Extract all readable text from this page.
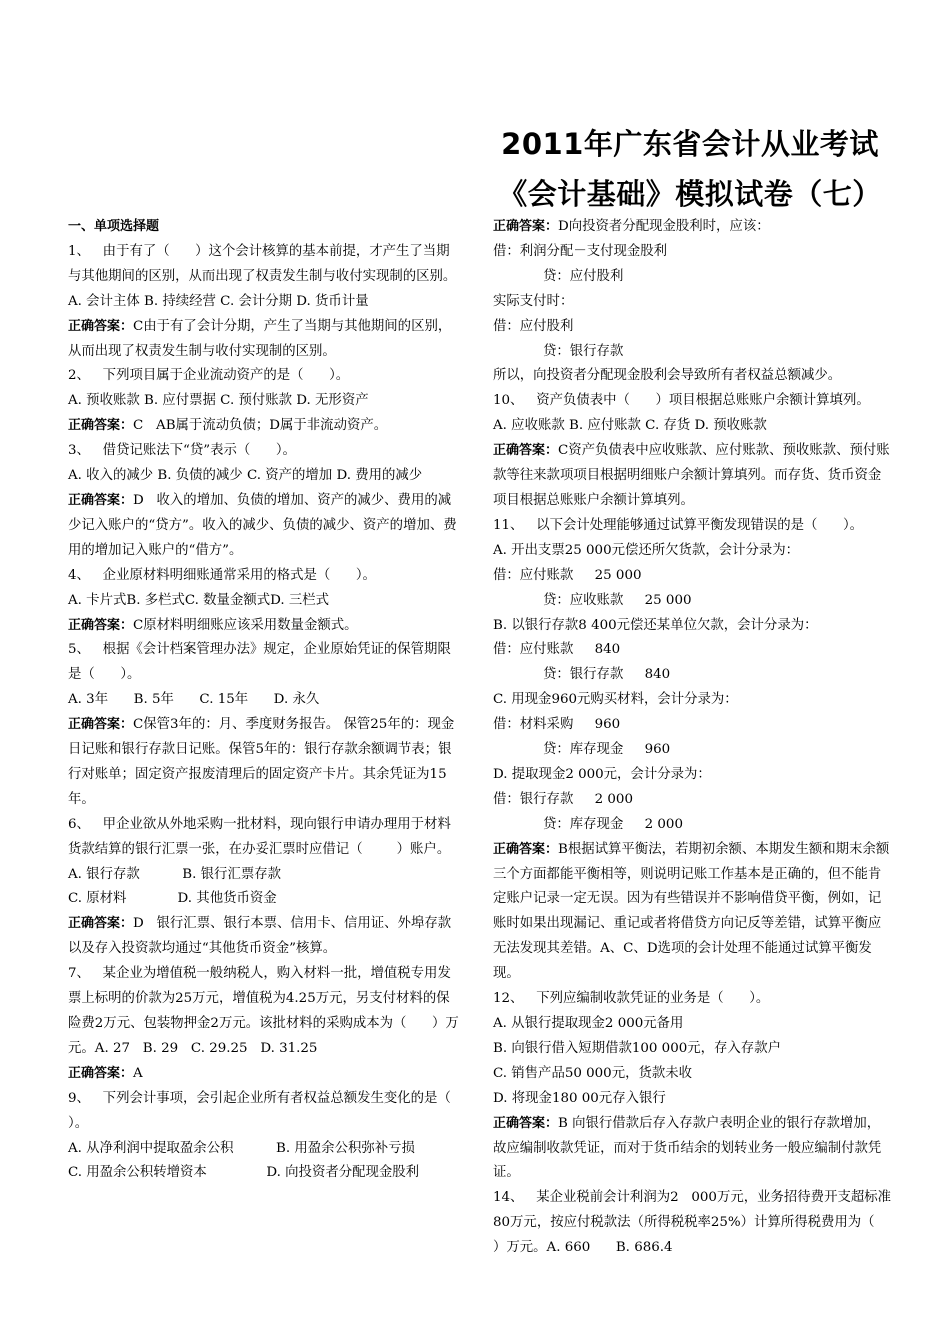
2011年广东省会计从业考试
《会计基础》模拟试卷（七）

一、单项选择题

1、   由于有了（      ）这个会计核算的基本前提，才产生了当期与其他期间的区别，从而出现了权责发生制与收付实现制的区别。

A. 会计主体 B. 持续经营 C. 会计分期 D. 货币计量

正确答案：C由于有了会计分期，产生了当期与其他期间的区别，从而出现了权责发生制与收付实现制的区别。

2、   下列项目属于企业流动资产的是（      ）。

A. 预收账款 B. 应付票据 C. 预付账款 D. 无形资产

正确答案：C   AB属于流动负债；D属于非流动资产。

3、   借贷记账法下“贷”表示（      ）。

A. 收入的减少 B. 负债的减少 C. 资产的增加 D. 费用的减少

正确答案：D   收入的增加、负债的增加、资产的减少、费用的减少记入账户的“贷方”。收入的减少、负债的减少、资产的增加、费用的增加记入账户的“借方”。

4、   企业原材料明细账通常采用的格式是（      ）。

A. 卡片式B. 多栏式C. 数量金额式D. 三栏式

正确答案：C原材料明细账应该采用数量金额式。

5、   根据《会计档案管理办法》规定，企业原始凭证的保管期限是（      ）。

A. 3年      B. 5年      C. 15年      D. 永久

正确答案：C保管3年的：月、季度财务报告。 保管25年的：现金日记账和银行存款日记账。保管5年的：银行存款余额调节表；银行对账单；固定资产报废清理后的固定资产卡片。其余凭证为15年。

6、   甲企业欲从外地采购一批材料，现向银行申请办理用于材料货款结算的银行汇票一张，在办妥汇票时应借记（        ）账户。

A. 银行存款          B. 银行汇票存款

C. 原材料            D. 其他货币资金

正确答案：D   银行汇票、银行本票、信用卡、信用证、外埠存款以及存入投资款均通过“其他货币资金”核算。

7、   某企业为增值税一般纳税人，购入材料一批，增值税专用发票上标明的价款为25万元，增值税为4.25万元，另支付材料的保险费2万元、包装物押金2万元。该批材料的采购成本为（      ）万元。A. 27   B. 29   C. 29.25   D. 31.25

正确答案：A

9、   下列会计事项，会引起企业所有者权益总额发生变化的是（      ）。

A. 从净利润中提取盈余公积          B. 用盈余公积弥补亏损

C. 用盈余公积转增资本              D. 向投资者分配现金股利

正确答案：D向投资者分配现金股利时，应该：

借：利润分配－支付现金股利

贷：应付股利

实际支付时：

借：应付股利

贷：银行存款

所以，向投资者分配现金股利会导致所有者权益总额减少。

10、   资产负债表中（      ）项目根据总账账户余额计算填列。

A. 应收账款 B. 应付账款 C. 存货 D. 预收账款

正确答案：C资产负债表中应收账款、应付账款、预收账款、预付账款等往来款项项目根据明细账户余额计算填列。而存货、货币资金项目根据总账账户余额计算填列。

11、   以下会计处理能够通过试算平衡发现错误的是（      ）。

A. 开出支票25 000元偿还所欠货款，会计分录为：

借：应付账款     25 000

贷：应收账款     25 000

B. 以银行存款8 400元偿还某单位欠款，会计分录为：

借：应付账款     840

贷：银行存款     840

C. 用现金960元购买材料，会计分录为：

借：材料采购     960

贷：库存现金     960

D. 提取现金2 000元，会计分录为：

借：银行存款     2 000

贷：库存现金     2 000

正确答案：B根据试算平衡法，若期初余额、本期发生额和期末余额三个方面都能平衡相等，则说明记账工作基本是正确的，但不能肯定账户记录一定无误。因为有些错误并不影响借贷平衡，例如，记账时如果出现漏记、重记或者将借贷方向记反等差错，试算平衡应无法发现其差错。A、C、D选项的会计处理不能通过试算平衡发现。

12、   下列应编制收款凭证的业务是（      ）。

A. 从银行提取现金2 000元备用

B. 向银行借入短期借款100 000元，存入存款户

C. 销售产品50 000元，货款未收

D. 将现金180 00元存入银行

正确答案：B 向银行借款后存入存款户表明企业的银行存款增加，故应编制收款凭证，而对于货币结余的划转业务一般应编制付款凭证。

14、   某企业税前会计利润为2   000万元，业务招待费开支超标准80万元，按应付税款法（所得税税率25%）计算所得税费用为（      ）万元。A. 660      B. 686.4
